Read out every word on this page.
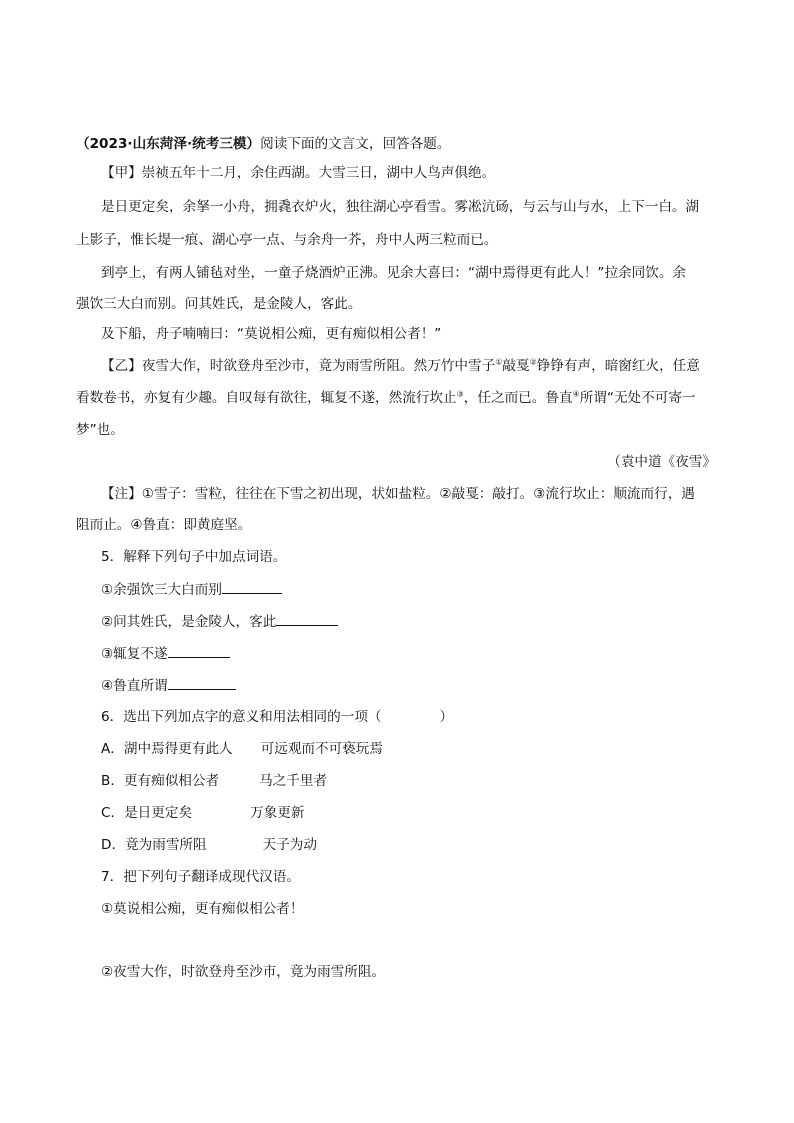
（2023·山东菏泽·统考三模）阅读下面的文言文，回答各题。
【甲】崇祯五年十二月，余住西湖。大雪三日，湖中人鸟声俱绝。
是日更定矣，余拏一小舟，拥毳衣炉火，独往湖心亭看雪。雾凇沆砀，与云与山与水，上下一白。湖
上影子，惟长堤一痕、湖心亭一点、与余舟一芥，舟中人两三粒而已。
到亭上，有两人铺毡对坐，一童子烧酒炉正沸。见余大喜曰：“湖中焉得更有此人！”拉余同饮。余
强饮三大白而别。问其姓氏，是金陵人，客此。
及下船，舟子喃喃曰：“莫说相公痴，更有痴似相公者！”
【乙】夜雪大作，时欲登舟至沙市，竟为雨雪所阻。然万竹中雪子①敲戛②铮铮有声，暗窗红火，任意
看数卷书，亦复有少趣。自叹每有欲往，辄复不遂，然流行坎止③，任之而已。鲁直④所谓“无处不可寄一
梦”也。
（袁中道《夜雪》
【注】①雪子：雪粒，往往在下雪之初出现，状如盐粒。②敲戛：敲打。③流行坎止：顺流而行，遇
阻而止。④鲁直：即黄庭坚。
5．解释下列句子中加点词语。
①余强饮三大白而别
②问其姓氏，是金陵人，客此
③辄复不遂
④鲁直所谓
6．选出下列加点字的意义和用法相同的一项（	）
A．湖中焉得更有此人 可远观而不可亵玩焉
B．更有痴似相公者	马之千里者
C．是日更定矣	万象更新
D．竟为雨雪所阻	天子为动
7．把下列句子翻译成现代汉语。
①莫说相公痴，更有痴似相公者！
②夜雪大作，时欲登舟至沙市，竟为雨雪所阻。
